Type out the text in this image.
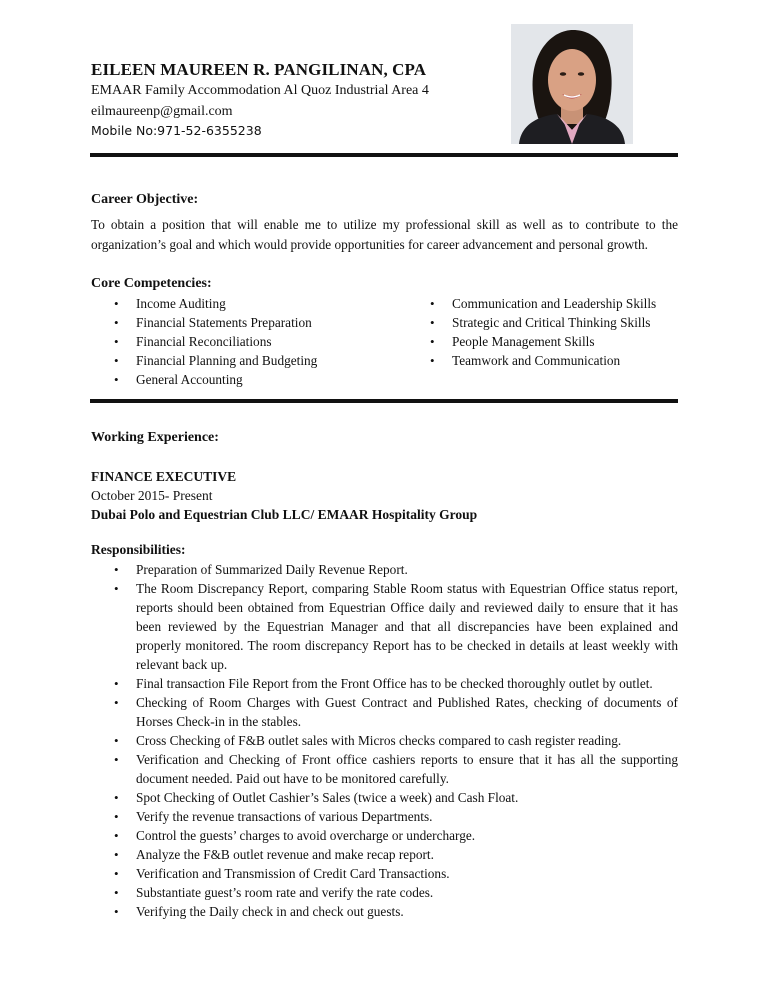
EILEEN MAUREEN R. PANGILINAN, CPA
EMAAR Family Accommodation Al Quoz Industrial Area 4
eilmaureenp@gmail.com
Mobile No:971-52-6355238
Career Objective:
To obtain a position that will enable me to utilize my professional skill as well as to contribute to the organization’s goal and which would provide opportunities for career advancement and personal growth.
Core Competencies:
• Income Auditing
• Financial Statements Preparation
• Financial Reconciliations
• Financial Planning and Budgeting
• General Accounting
• Communication and Leadership Skills
• Strategic and Critical Thinking Skills
• People Management Skills
• Teamwork and Communication
Working Experience:
FINANCE EXECUTIVE
October 2015- Present
Dubai Polo and Equestrian Club LLC/ EMAAR Hospitality Group
Responsibilities:
• Preparation of Summarized Daily Revenue Report.
• The Room Discrepancy Report, comparing Stable Room status with Equestrian Office status report, reports should been obtained from Equestrian Office daily and reviewed daily to ensure that it has been reviewed by the Equestrian Manager and that all discrepancies have been explained and properly monitored. The room discrepancy Report has to be checked in details at least weekly with relevant back up.
• Final transaction File Report from the Front Office has to be checked thoroughly outlet by outlet.
• Checking of Room Charges with Guest Contract and Published Rates, checking of documents of Horses Check-in in the stables.
• Cross Checking of F&B outlet sales with Micros checks compared to cash register reading.
• Verification and Checking of Front office cashiers reports to ensure that it has all the supporting document needed. Paid out have to be monitored carefully.
• Spot Checking of Outlet Cashier’s Sales (twice a week) and Cash Float.
• Verify the revenue transactions of various Departments.
• Control the guests’ charges to avoid overcharge or undercharge.
• Analyze the F&B outlet revenue and make recap report.
• Verification and Transmission of Credit Card Transactions.
• Substantiate guest’s room rate and verify the rate codes.
• Verifying the Daily check in and check out guests.
